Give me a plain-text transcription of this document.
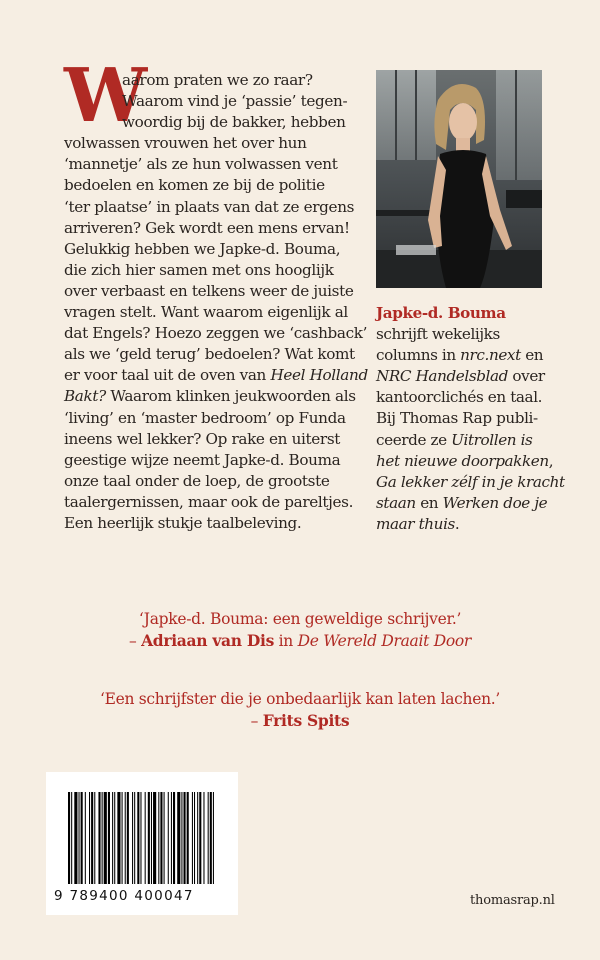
W
aarom praten we zo raar?
Waarom vind je ‘passie’ tegen-
woordig bij de bakker, hebben
volwassen vrouwen het over hun
‘mannetje’ als ze hun volwassen vent
bedoelen en komen ze bij de politie
‘ter plaatse’ in plaats van dat ze ergens
arriveren? Gek wordt een mens ervan!
Gelukkig hebben we Japke-d. Bouma,
die zich hier samen met ons hooglijk
over verbaast en telkens weer de juiste
vragen stelt. Want waarom eigenlijk al
dat Engels? Hoezo zeggen we ‘cashback’
als we ‘geld terug’ bedoelen? Wat komt
er voor taal uit de oven van Heel Holland
Bakt? Waarom klinken jeukwoorden als
‘living’ en ‘master bedroom’ op Funda
ineens wel lekker? Op rake en uiterst
geestige wijze neemt Japke-d. Bouma
onze taal onder de loep, de grootste
taalergernissen, maar ook de pareltjes.
Een heerlijk stukje taalbeleving.
Japke-d. Bouma
schrijft wekelijks
columns in nrc.next en
NRC Handelsblad over
kantoorclichés en taal.
Bij Thomas Rap publi-
ceerde ze Uitrollen is
het nieuwe doorpakken,
Ga lekker zélf in je kracht
staan en Werken doe je
maar thuis.
‘Japke-d. Bouma: een geweldige schrijver.’
– Adriaan van Dis in De Wereld Draait Door
‘Een schrijfster die je onbedaarlijk kan laten lachen.’
– Frits Spits
9 789400 400047	thomasrap.nl
